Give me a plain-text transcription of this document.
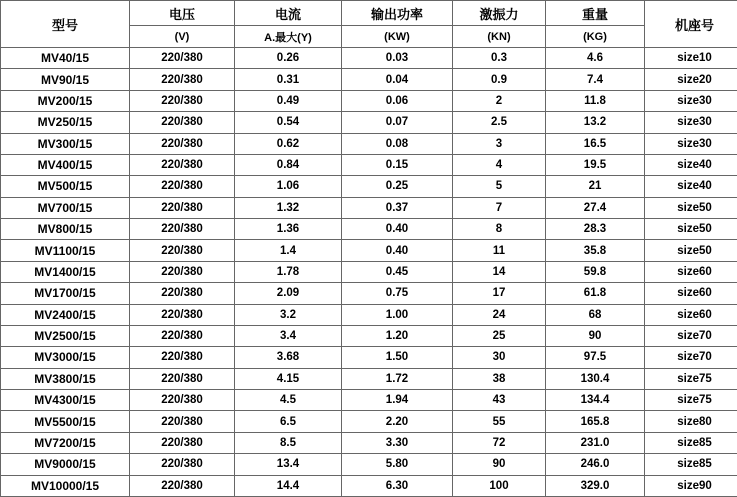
型号	电压	电流	输出功率	激振力	重量	机座号
	(V)	A.最大(Y)	(KW)	(KN)	(KG)	
MV40/15	220/380	0.26	0.03	0.3	4.6	size10
MV90/15	220/380	0.31	0.04	0.9	7.4	size20
MV200/15	220/380	0.49	0.06	2	11.8	size30
MV250/15	220/380	0.54	0.07	2.5	13.2	size30
MV300/15	220/380	0.62	0.08	3	16.5	size30
MV400/15	220/380	0.84	0.15	4	19.5	size40
MV500/15	220/380	1.06	0.25	5	21	size40
MV700/15	220/380	1.32	0.37	7	27.4	size50
MV800/15	220/380	1.36	0.40	8	28.3	size50
MV1100/15	220/380	1.4	0.40	11	35.8	size50
MV1400/15	220/380	1.78	0.45	14	59.8	size60
MV1700/15	220/380	2.09	0.75	17	61.8	size60
MV2400/15	220/380	3.2	1.00	24	68	size60
MV2500/15	220/380	3.4	1.20	25	90	size70
MV3000/15	220/380	3.68	1.50	30	97.5	size70
MV3800/15	220/380	4.15	1.72	38	130.4	size75
MV4300/15	220/380	4.5	1.94	43	134.4	size75
MV5500/15	220/380	6.5	2.20	55	165.8	size80
MV7200/15	220/380	8.5	3.30	72	231.0	size85
MV9000/15	220/380	13.4	5.80	90	246.0	size85
MV10000/15	220/380	14.4	6.30	100	329.0	size90
